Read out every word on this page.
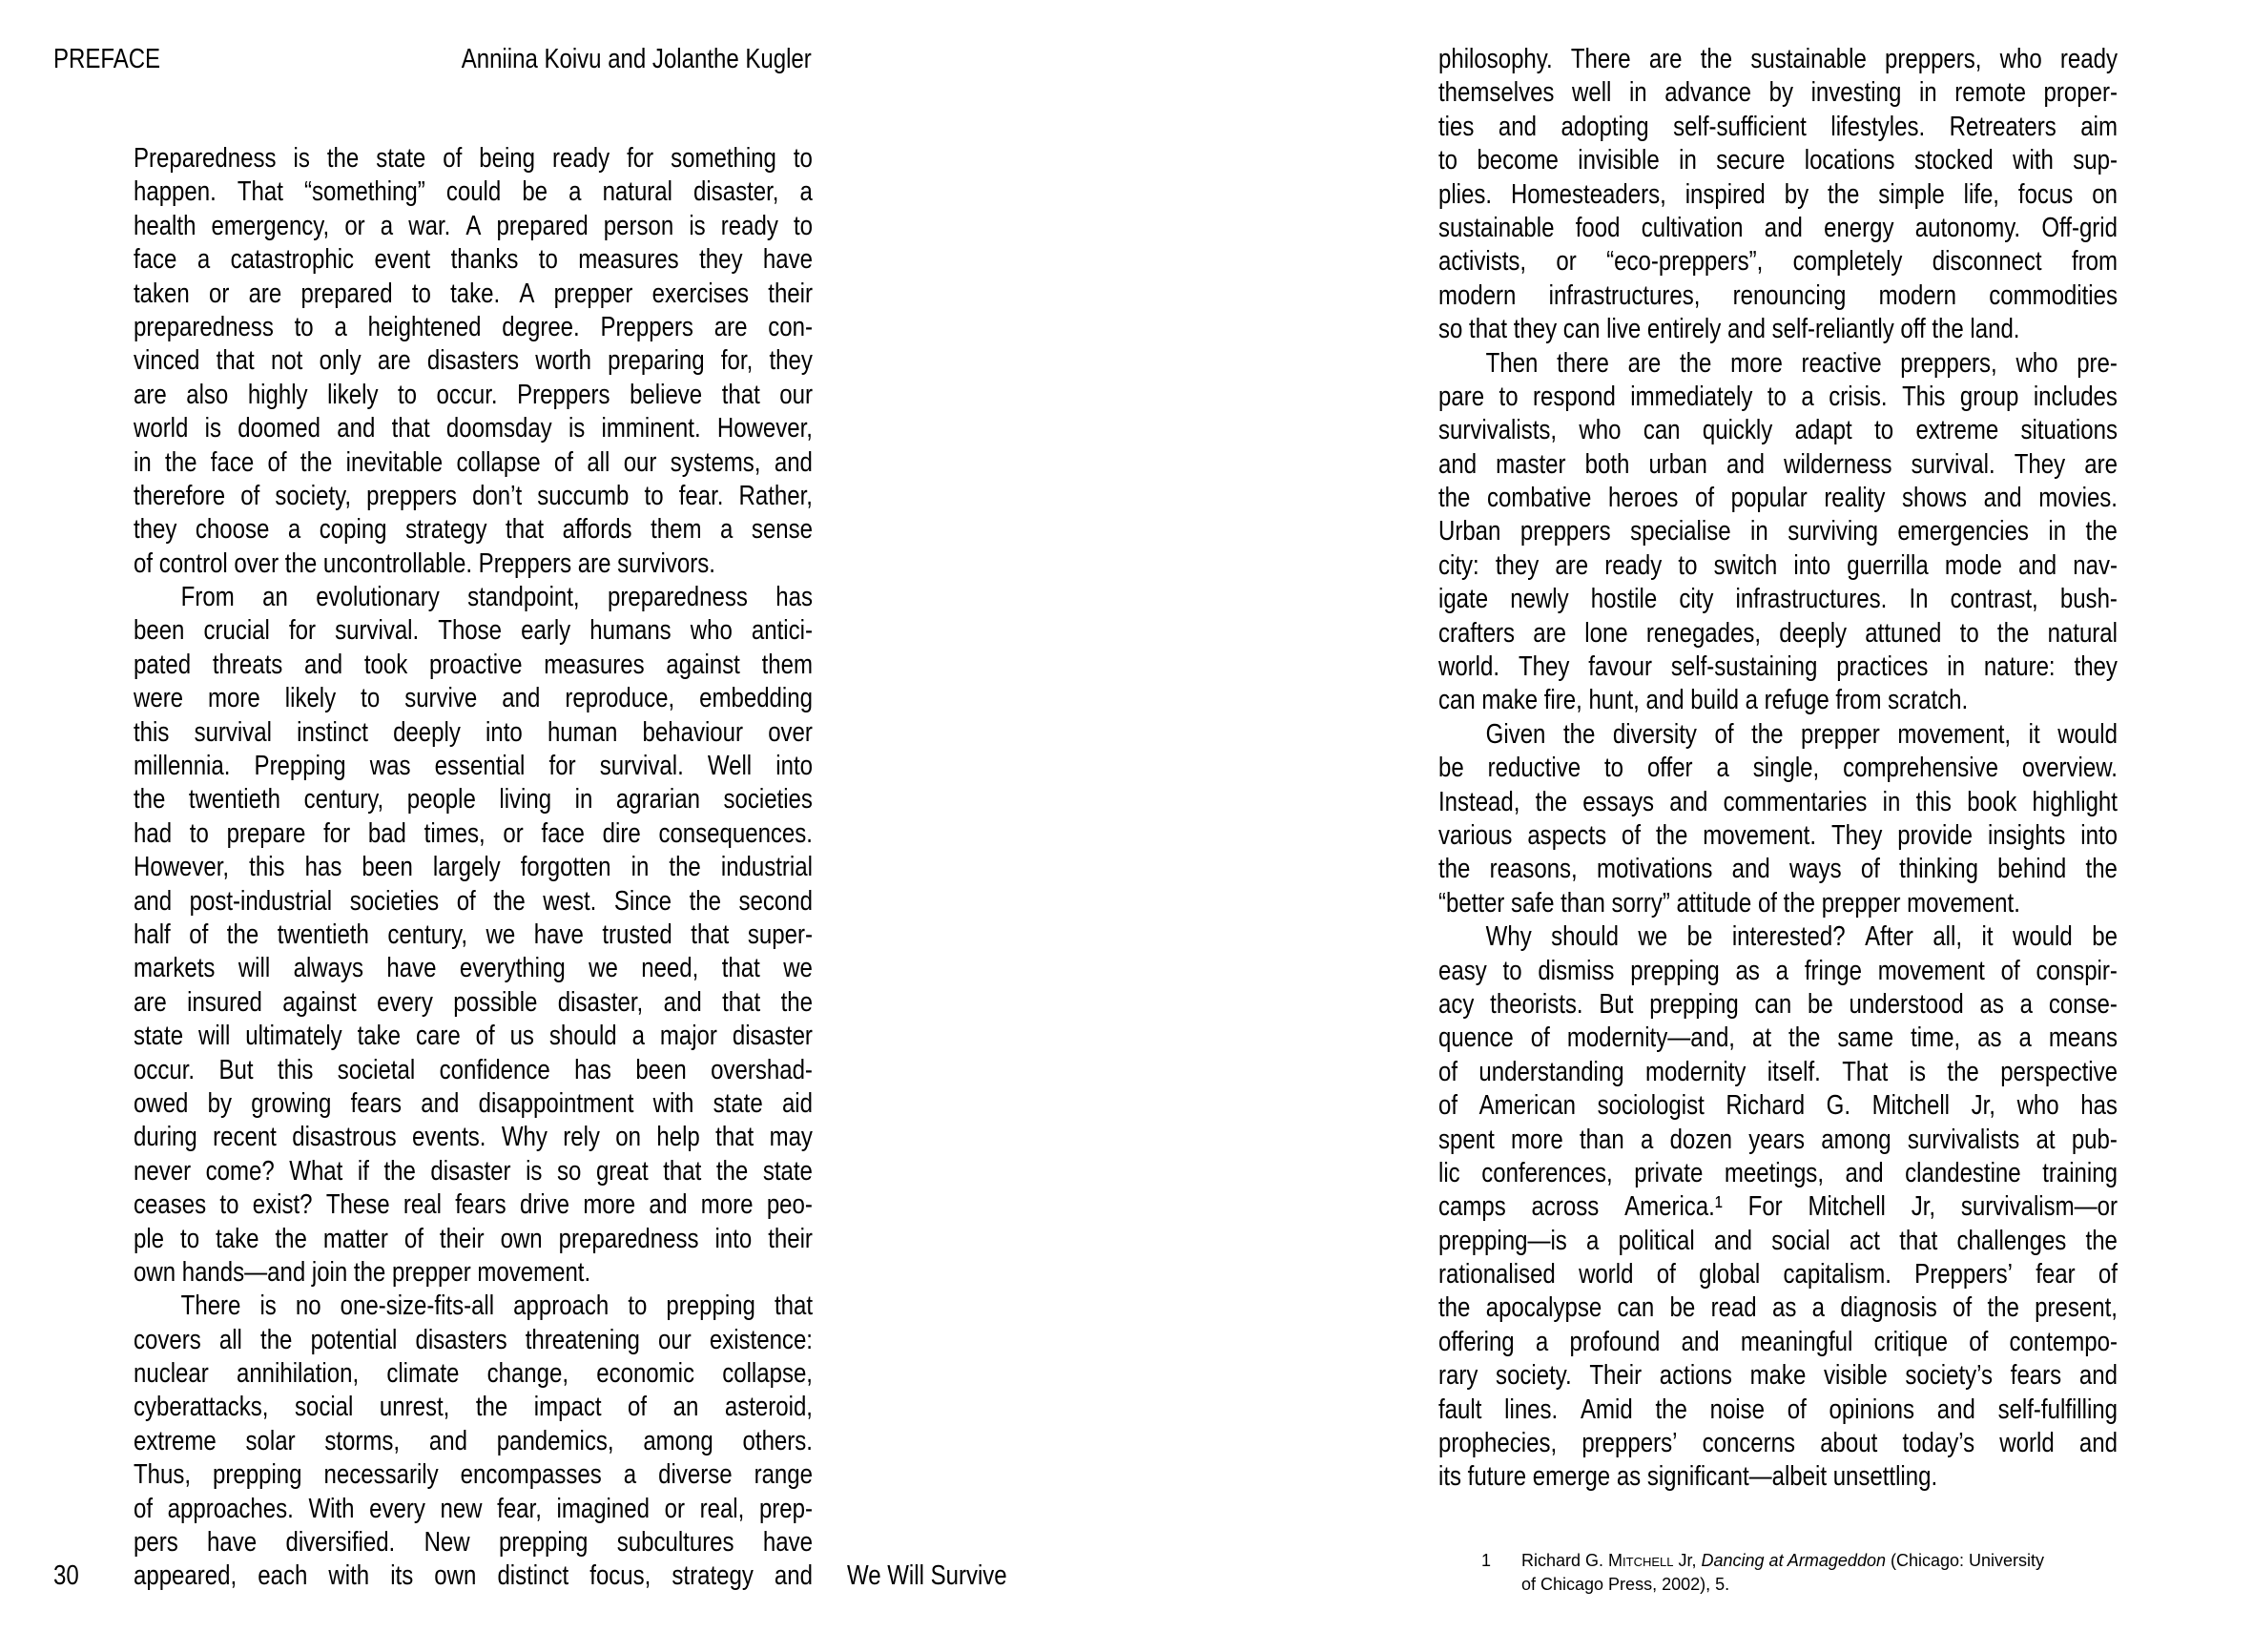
PREFACE	Anniina Koivu and Jolanthe Kugler
Preparedness is the state of being ready for something to
happen. That “something” could be a natural disaster, a
health emergency, or a war. A prepared person is ready to
face a catastrophic event thanks to measures they have
taken or are prepared to take. A prepper exercises their
preparedness to a heightened degree. Preppers are con-
vinced that not only are disasters worth preparing for, they
are also highly likely to occur. Preppers believe that our
world is doomed and that doomsday is imminent. However,
in the face of the inevitable collapse of all our systems, and
therefore of society, preppers don’t succumb to fear. Rather,
they choose a coping strategy that affords them a sense
of control over the uncontrollable. Preppers are survivors.
From an evolutionary standpoint, preparedness has
been crucial for survival. Those early humans who antici-
pated threats and took proactive measures against them
were more likely to survive and reproduce, embedding
this survival instinct deeply into human behaviour over
millennia. Prepping was essential for survival. Well into
the twentieth century, people living in agrarian societies
had to prepare for bad times, or face dire consequences.
However, this has been largely forgotten in the industrial
and post-industrial societies of the west. Since the second
half of the twentieth century, we have trusted that super-
markets will always have everything we need, that we
are insured against every possible disaster, and that the
state will ultimately take care of us should a major disaster
occur. But this societal confidence has been overshad-
owed by growing fears and disappointment with state aid
during recent disastrous events. Why rely on help that may
never come? What if the disaster is so great that the state
ceases to exist? These real fears drive more and more peo-
ple to take the matter of their own preparedness into their
own hands—and join the prepper movement.
There is no one-size-fits-all approach to prepping that
covers all the potential disasters threatening our existence:
nuclear annihilation, climate change, economic collapse,
cyberattacks, social unrest, the impact of an asteroid,
extreme solar storms, and pandemics, among others.
Thus, prepping necessarily encompasses a diverse range
of approaches. With every new fear, imagined or real, prep-
pers have diversified. New prepping subcultures have
appeared, each with its own distinct focus, strategy and
30	We Will Survive
philosophy. There are the sustainable preppers, who ready
themselves well in advance by investing in remote proper-
ties and adopting self-sufficient lifestyles. Retreaters aim
to become invisible in secure locations stocked with sup-
plies. Homesteaders, inspired by the simple life, focus on
sustainable food cultivation and energy autonomy. Off-grid
activists, or “eco-preppers”, completely disconnect from
modern infrastructures, renouncing modern commodities
so that they can live entirely and self-reliantly off the land.
Then there are the more reactive preppers, who pre-
pare to respond immediately to a crisis. This group includes
survivalists, who can quickly adapt to extreme situations
and master both urban and wilderness survival. They are
the combative heroes of popular reality shows and movies.
Urban preppers specialise in surviving emergencies in the
city: they are ready to switch into guerrilla mode and nav-
igate newly hostile city infrastructures. In contrast, bush-
crafters are lone renegades, deeply attuned to the natural
world. They favour self-sustaining practices in nature: they
can make fire, hunt, and build a refuge from scratch.
Given the diversity of the prepper movement, it would
be reductive to offer a single, comprehensive overview.
Instead, the essays and commentaries in this book highlight
various aspects of the movement. They provide insights into
the reasons, motivations and ways of thinking behind the
“better safe than sorry” attitude of the prepper movement.
Why should we be interested? After all, it would be
easy to dismiss prepping as a fringe movement of conspir-
acy theorists. But prepping can be understood as a conse-
quence of modernity—and, at the same time, as a means
of understanding modernity itself. That is the perspective
of American sociologist Richard G. Mitchell Jr, who has
spent more than a dozen years among survivalists at pub-
lic conferences, private meetings, and clandestine training
camps across America.¹ For Mitchell Jr, survivalism—or
prepping—is a political and social act that challenges the
rationalised world of global capitalism. Preppers’ fear of
the apocalypse can be read as a diagnosis of the present,
offering a profound and meaningful critique of contempo-
rary society. Their actions make visible society’s fears and
fault lines. Amid the noise of opinions and self-fulfilling
prophecies, preppers’ concerns about today’s world and
its future emerge as significant—albeit unsettling.
1	Richard G. Mitchell Jr, Dancing at Armageddon (Chicago: University
of Chicago Press, 2002), 5.
